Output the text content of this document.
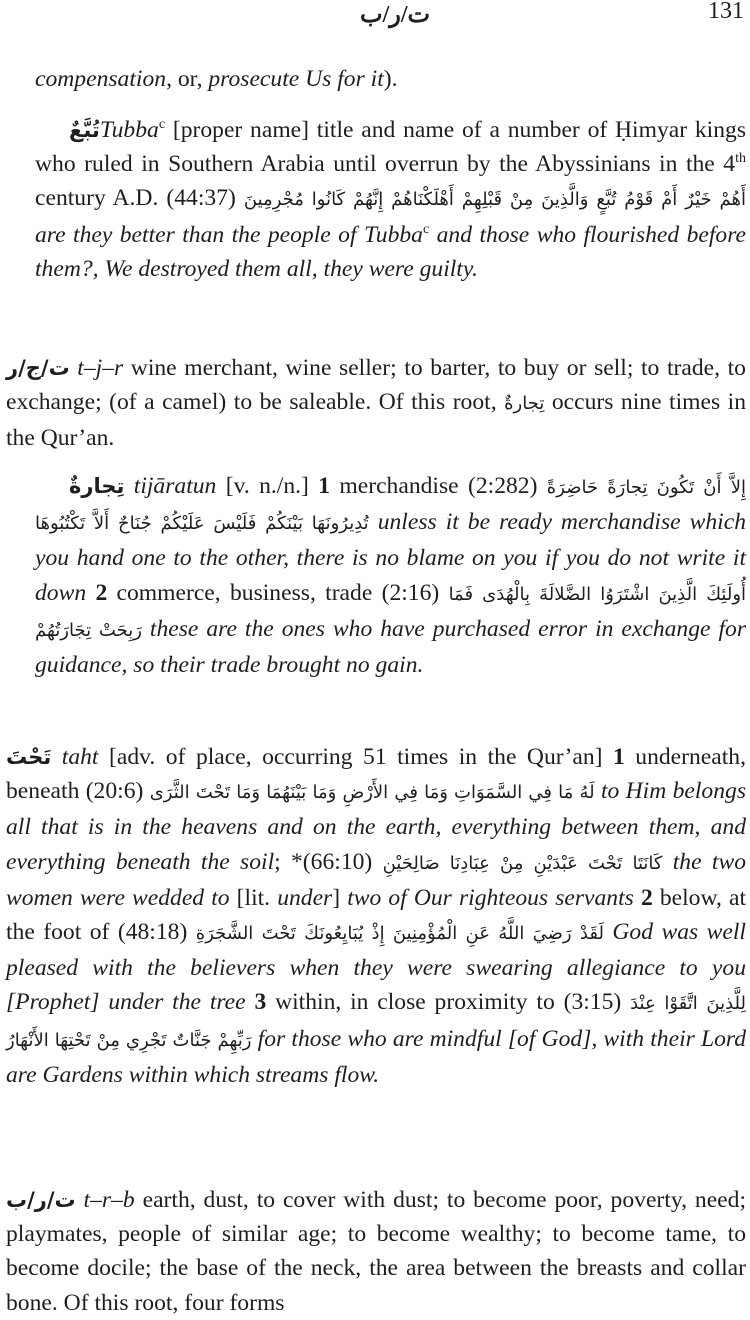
ت/ر/ب	131

compensation, or, prosecute Us for it).

تُبَّعٌTubba$^c$ [proper name] title and name of a number of Ḥimyar kings who ruled in Southern Arabia until overrun by the Abyssinians in the 4th century A.D. (44:37) أَهُمْ خَيْرٌ أَمْ قَوْمُ تُبَّعٍ وَالَّذِينَ مِنْ قَبْلِهِمْ أَهْلَكْنَاهُمْ إِنَّهُمْ كَانُوا مُجْرِمِينَ are they better than the people of Tubba$^c$ and those who flourished before them?, We destroyed them all, they were guilty.

ت/ج/ر t–j–r wine merchant, wine seller; to barter, to buy or sell; to trade, to exchange; (of a camel) to be saleable. Of this root, تِجارةٌ occurs nine times in the Qur’an.

تِجارةٌ tijāratun [v. n./n.] 1 merchandise (2:282) إِلاَّ أَنْ تَكُونَ تِجارَةً حَاضِرَةً تُدِيرُونَهَا بَيْنَكُمْ فَلَيْسَ عَلَيْكُمْ جُنَاحٌ أَلاَّ تَكْتُبُوهَا unless it be ready merchandise which you hand one to the other, there is no blame on you if you do not write it down 2 commerce, business, trade (2:16) أُولَئِكَ الَّذِينَ اشْتَرَوُا الضَّلالَةَ بِالْهُدَى فَمَا رَبِحَتْ تِجَارَتُهُمْ these are the ones who have purchased error in exchange for guidance, so their trade brought no gain.

تَحْتَ taht [adv. of place, occurring 51 times in the Qur’an] 1 underneath, beneath (20:6) لَهُ مَا فِي السَّمَوَاتِ وَمَا فِي الأَرْضِ وَمَا بَيْنَهُمَا وَمَا تَحْتَ الثَّرَى to Him belongs all that is in the heavens and on the earth, everything between them, and everything beneath the soil; *(66:10) كَانَتَا تَحْتَ عَبْدَيْنِ مِنْ عِبَادِنَا صَالِحَيْنِ the two women were wedded to [lit. under] two of Our righteous servants 2 below, at the foot of (48:18) لَقَدْ رَضِيَ اللَّهُ عَنِ الْمُؤْمِنِينَ إِذْ يُبَايِعُونَكَ تَحْتَ الشَّجَرَةِ God was well pleased with the believers when they were swearing allegiance to you [Prophet] under the tree 3 within, in close proximity to (3:15) لِلَّذِينَ اتَّقَوْا عِنْدَ رَبِّهِمْ جَنَّاتٌ تَجْرِي مِنْ تَحْتِهَا الأَنْهَارُ for those who are mindful [of God], with their Lord are Gardens within which streams flow.

ت/ر/ب t–r–b earth, dust, to cover with dust; to become poor, poverty, need; playmates, people of similar age; to become wealthy; to become tame, to become docile; the base of the neck, the area between the breasts and collar bone. Of this root, four forms
